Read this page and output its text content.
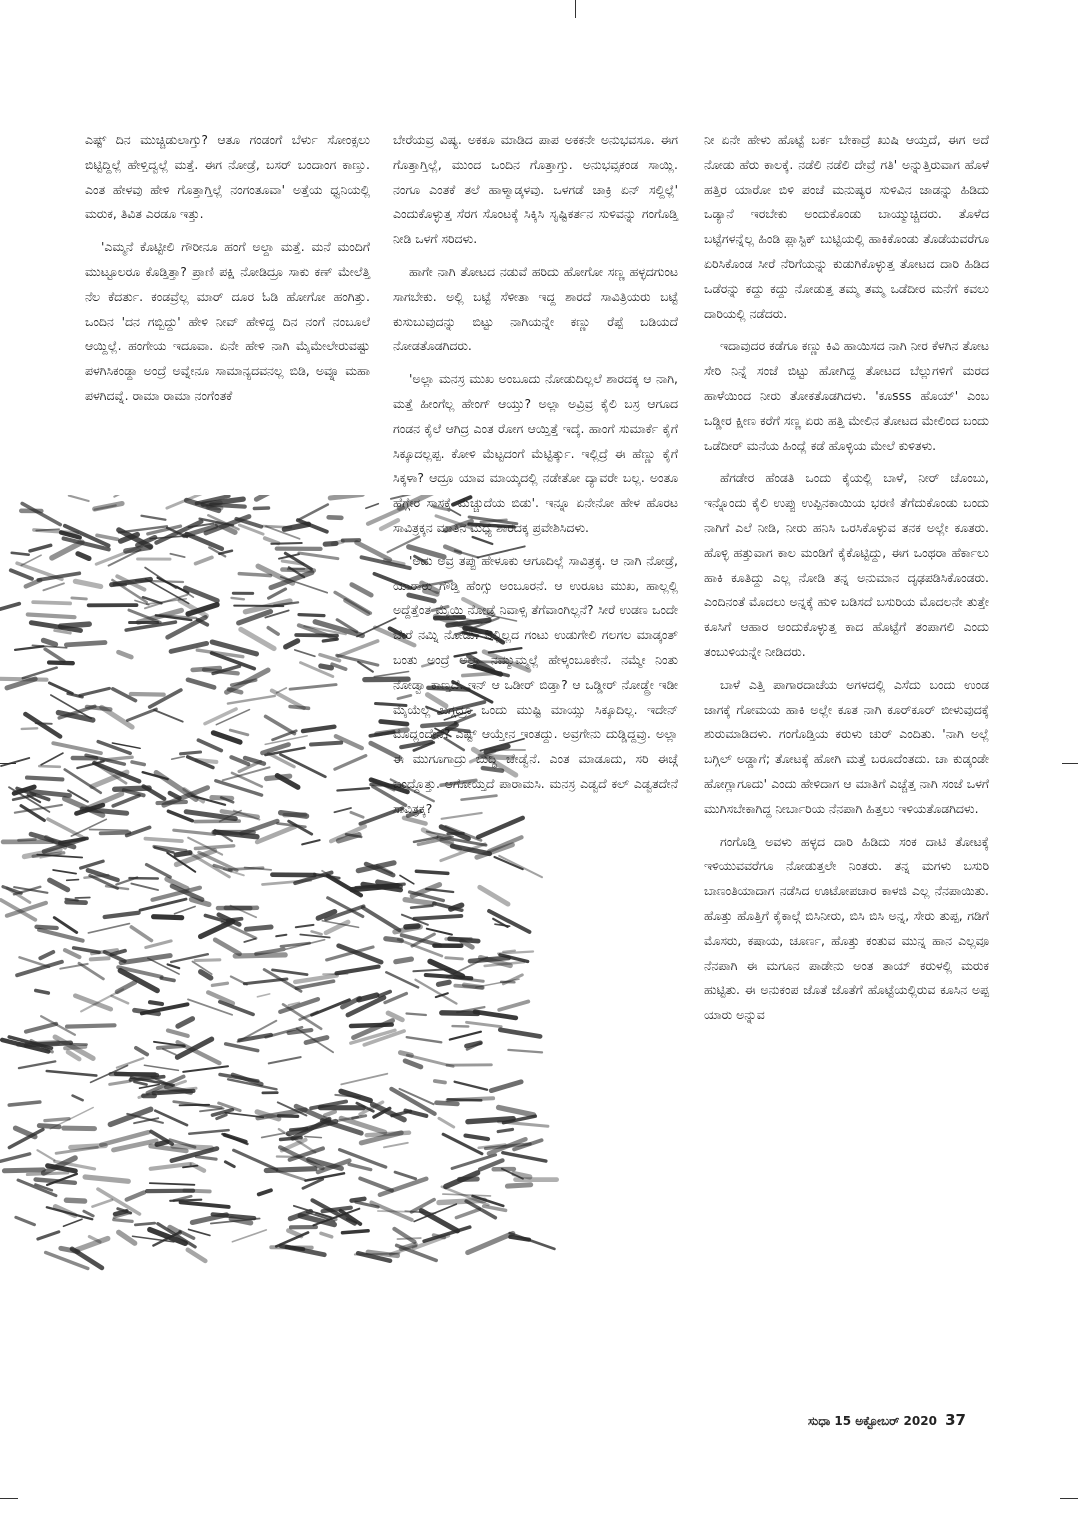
ಎಷ್ಟ್ ದಿನ ಮುಚ್ಚಿಡುಲಾಗ್ತು? ಆತೂ ಗಂಡಂಗೆ ಬೆರ್ಳು ಸೋಂಕ್ಸಲು ಬಿಟ್ಟಿದ್ದಿಲ್ಲೆ ಹೇಳ್ತಿದ್ವಲ್ಲೆ ಮತ್ತೆ. ಈಗ ನೋಡ್ರೆ, ಬಸರ್ ಬಂದಾಂಗ ಕಾಣ್ತು. ಎಂತ ಹೇಳವು ಹೇಳಿ ಗೊತ್ತಾಗ್ತಿಲ್ಲೆ ನಂಗಂತೂವಾ' ಅತ್ತೆಯ ಧ್ವನಿಯಲ್ಲಿ ಮರುಕ, ತಿವಿತ ಎರಡೂ ಇತ್ತು.

'ಎಮ್ಮನೆ ಕೊಟ್ಟೀಲಿ ಗೌರೀನೂ ಹಂಗೆ ಅಲ್ದಾ ಮತ್ತೆ. ಮನೆ ಮಂದಿಗೆ ಮುಟ್ಟೂಲರೂ ಕೊಡ್ತಿತ್ತಾ? ಪ್ರಾಣಿ ಪಕ್ಷಿ ನೋಡಿದ್ರೂ ಸಾಕು ಕಣ್ ಮೇಲೆತ್ತಿ ನೆಲ ಕೆದರ್ತು. ಕಂಡವ್ರೆಲ್ಲ ಮಾರ್ ದೂರ ಓಡಿ ಹೋಗೋ ಹಂಗಿತ್ತು. ಒಂದಿನ 'ದನ ಗಬ್ಬಿದ್ದು' ಹೇಳಿ ನೀವ್ ಹೇಳಿದ್ದ ದಿನ ನಂಗೆ ನಂಬೂಲೆ ಆಯ್ದಿಲ್ಲೆ. ಹಂಗೇಯ ಇದೂವಾ. ಏನೇ ಹೇಳಿ ನಾಗಿ ಮೈಮೇಲೇರುವಷ್ಟು ಪಳಗಿಸಿಕಂಡ್ದಾ ಅಂದ್ರೆ ಅವ್ನೇನೂ ಸಾಮಾನ್ಯದವನಲ್ಲ ಬಿಡಿ, ಅವ್ನೂ ಮಹಾ ಪಳಗಿದವ್ನೆ. ರಾಮಾ ರಾಮಾ ನಂಗೆಂತಕೆ

ಬೇರೆಯವ್ರ ವಿಷ್ಯ. ಅಕಕೂ ಮಾಡಿದ ಪಾಪ ಅಕಕನೇ ಅನುಭವಸೂ. ಈಗ ಗೊತ್ತಾಗ್ತಿಲ್ಲೆ, ಮುಂದ ಒಂದಿನ ಗೊತ್ತಾಗ್ತು. ಅನುಭವ್ಸಕಂಡ ಸಾಯ್ಲಿ. ನಂಗೂ ಎಂತಕೆ ತಲೆ ಹಾಳ್ಮಾಡ್ಕಳವು. ಒಳಗಡೆ ಚಾಕ್ರಿ ಏನ್ ಸಲ್ದಿಲ್ಲೆ' ಎಂದುಕೊಳ್ಳುತ್ತ ಸೆರಗ ಸೊಂಟಕ್ಕೆ ಸಿಕ್ಕಿಸಿ ಸೃಷ್ಟಿಕರ್ತನ ಸುಳಿವನ್ನು ಗಂಗೊಡ್ತಿ ನೀಡಿ ಒಳಗೆ ಸರಿದಳು.

ಹಾಗೇ ನಾಗಿ ತೋಟದ ನಡುವೆ ಹರಿದು ಹೋಗೋ ಸಣ್ಣ ಹಳ್ಳದಗುಂಟ ಸಾಗಬೇಕು. ಅಲ್ಲಿ ಬಟ್ಟೆ ಸೆಳೀತಾ ಇದ್ದ ಶಾರದೆ ಸಾವಿತ್ರಿಯರು ಬಟ್ಟೆ ಕುಸುಬುವುದನ್ನು ಬಿಟ್ಟು ನಾಗಿಯನ್ನೇ ಕಣ್ಣು ರೆಪ್ಪೆ ಬಡಿಯದೆ ನೋಡತೊಡಗಿದರು.

'ಅಲ್ಲಾ ಮನಸ್ರ ಮುಖ ಅಂಬೂದು ನೋಡುದಿಲ್ಲಲೆ ಶಾರದಕ್ಕ ಆ ನಾಗಿ, ಮತ್ತೆ ಹೀಂಗೆಲ್ಲ ಹೇಂಗ್ ಆಯ್ತು? ಅಲ್ಲಾ ಅವ್ರಿವ್ರ ಕೈಲಿ ಬಸ್ರ ಆಗೂದ ಗಂಡನ ಕೈಲೆ ಆಗಿದ್ರ ಎಂತ ರೋಗ ಆಯ್ತಿತ್ತೆ ಇದ್ಕೆ. ಹಾಂಗೆ ಸುಮಾರ್ಕೆ ಕೈಗೆ ಸಿಕ್ಕೂದಲ್ಲಪ್ಪ. ಕೋಳಿ ಮೆಟ್ಟದಂಗೆ ಮೆಟ್ಟಿರ್ತ್ಕು. ಇಲ್ಲಿದ್ರೆ ಈ ಹೆಣ್ಣು ಕೈಗೆ ಸಿಕ್ಕಳಾ? ಆದ್ರೂ ಯಾವ ಮಾಯ್ಕದಲ್ಲಿ ನಡೇತೋ ದ್ಯಾವರೇ ಬಲ್ಲ. ಅಂತೂ ಹೆಗ್ಗೇರ ಸಾಸಕ್ಕೆ ಮೆಚ್ಚುದೆಯ ಬಿಡು'. ಇನ್ನೂ ಏನೇನೋ ಹೇಳ ಹೊರಟ ಸಾವಿತ್ರಕ್ಕನ ಮಾತಿನ ಮಧ್ಯೆ ಶಾರದಕ್ಕ ಪ್ರವೇಶಿಸಿದಳು.

'ಅದು ಅವ್ರ ತಪ್ಪು ಹೇಳೂಕು ಆಗೂದಿಲ್ಲೆ ಸಾವಿತ್ರಕ್ಕ. ಆ ನಾಗಿ ನೋಡ್ರೆ, ಯಾರಾರು ಗೌಡ್ತಿ ಹೆಂಗ್ಸು ಅಂಬೂರನೆ. ಆ ಉರೂಟ ಮುಖ, ಹಾಲ್ಲಲ್ಲಿ ಅದ್ದೆತ್ತೆಂತ ಮೈಯಿ ನೋಡ್ರೆ ನಿವಾಳ್ಸಿ ತೆಗೆವಾಂಗಿಲ್ಲನೆ? ಸೀರೆ ಉಡಣ ಒಂದೇ ಬೇರೆ ನಮ್ನಿ ನೋಡು. ಪಲ್ಲಿಲ್ಲದ ಗಂಟು ಉಡುಗೇಲಿ ಗಲಗಲ ಮಾಡ್ಕಂತ್ ಬಂತು ಅಂದ್ರೆ ಅಲ್ಲಾ ನಮ್ಮುಮ್ಮಲ್ಲೆ ಹೇಳ್ಕಂಬೂಕೇನೆ. ನಮ್ಮೇ ನಿಂತು ನೋಡ್ವಾ ಕಾಣ್ತದೆ. ಇನ್ ಆ ಒಡೀರ್ ಬಿಡ್ತಾ? ಆ ಒಡ್ಡೀರ್ ನೋಡ್ದ್ರೇ ಇಡೀ ಮೈಯೆಲ್ಲ ಬಗ್ಗದ್ರೂ ಒಂದು ಮುಷ್ಟಿ ಮಾಯ್ಸು ಸಿಕ್ಕೂದಿಲ್ಲ. ಇದೇನ್ ಮೊದ್ಲಂದೇನೆ? ಎಷ್ಟ್ ಆಯ್ತೇನ ಇಂತದ್ದು. ಅವ್ರಗೇನು ದುಡ್ಡಿದ್ದವ್ರು. ಅಲ್ಲಾ ಈ ಮುಗೂಗಾದ್ರು ಬುದ್ಧಿ ಬೇಡ್ವೆನೆ. ಎಂತ ಮಾಡೂದು, ಸರಿ ಈಚ್ಗೆ ಬಂದ್ದೊತ್ತು. ಆಗೋಯ್ತದೆ ಪಾರಾಮಸಿ. ಮನಸ್ರ ಎಡ್ವದೆ ಕಲ್ ಎಡ್ವತದೇನೆ ಸಾವಿತ್ರಕ್ಕ?

ನೀ ಏನೇ ಹೇಳು ಹೊಟ್ಟೆ ಬರ್ಕ ಬೇಕಾದ್ರೆ ಖುಷಿ ಆಯ್ತದೆ, ಈಗ ಅದೆ ನೋಡು ಹೆರು ಕಾಲಕ್ಕೆ. ನಡೆಲಿ ನಡೆಲಿ ದೇವ್ರೆ ಗತಿ' ಅನ್ನುತ್ತಿರುವಾಗ ಹೊಳೆ ಹತ್ತಿರ ಯಾರೋ ಬಿಳಿ ಪಂಚೆ ಮನುಷ್ಯರ ಸುಳಿವಿನ ಜಾಡನ್ನು ಹಿಡಿದು ಒಡ್ಯಾನೆ ಇರಬೇಕು ಅಂದುಕೊಂಡು ಬಾಯ್ಮುಚ್ಚಿದರು. ತೊಳೆದ ಬಟ್ಟೆಗಳನ್ನೆಲ್ಲ ಹಿಂಡಿ ಪ್ಲಾಸ್ಟಿಕ್ ಬುಟ್ಟಿಯಲ್ಲಿ ಹಾಕಿಕೊಂಡು ತೊಡೆಯವರೆಗೂ ಏರಿಸಿಕೊಂಡ ಸೀರೆ ನೆರಿಗೆಯನ್ನು ಕುಡುಗಿಕೊಳ್ಳುತ್ತ ತೋಟದ ದಾರಿ ಹಿಡಿದ ಒಡೆರನ್ನು ಕದ್ದು ಕದ್ದು ನೋಡುತ್ತ ತಮ್ಮ ತಮ್ಮ ಒಡೆದೀರ ಮನೆಗೆ ಕವಲು ದಾರಿಯಲ್ಲಿ ನಡೆದರು.

ಇದಾವುದರ ಕಡೆಗೂ ಕಣ್ಣು ಕಿವಿ ಹಾಯಿಸದ ನಾಗಿ ನೀರ ಕೆಳಗಿನ ತೋಟ ಸೇರಿ ನಿನ್ನೆ ಸಂಜೆ ಬಿಟ್ಟು ಹೋಗಿದ್ದ ತೋಟದ ಬೆಲ್ಲುಗಳಿಗೆ ಮರದ ಹಾಳೆಯಿಂದ ನೀರು ತೋಕತೊಡಗಿದಳು. 'ಕೂsss ಹೊಯ್' ಎಂಬ ಒಡ್ಡೀರ ಕ್ಷೀಣ ಕರೆಗೆ ಸಣ್ಣ ಏರು ಹತ್ತಿ ಮೇಲಿನ ತೋಟದ ಮೇಲಿಂದ ಬಂದು ಒಡೆದೀರ್ ಮನೆಯ ಹಿಂದ್ಲೆ ಕಡೆ ಹೊಳ್ಳಿಯ ಮೇಲೆ ಕುಳಿತಳು.

ಹೆಗಡೇರ ಹೆಂಡತಿ ಒಂದು ಕೈಯಲ್ಲಿ ಬಾಳೆ, ನೀರ್ ಚೊಂಬು, ಇನ್ನೊಂದು ಕೈಲಿ ಉಪ್ಪು ಉಪ್ಪಿನಕಾಯಿಯ ಭರಣಿ ತೆಗೆದುಕೊಂಡು ಬಂದು ನಾಗಿಗೆ ಎಲೆ ನೀಡಿ, ನೀರು ಹನಿಸಿ ಒರಸಿಕೊಳ್ಳುವ ತನಕ ಅಲ್ಲೇ ಕೂತರು. ಹೊಳ್ಳಿ ಹತ್ತುವಾಗ ಕಾಲ ಮಂಡಿಗೆ ಕೈಕೊಟ್ಟಿದ್ದು, ಈಗ ಒಂಥರಾ ಹೆರ್ಕಾಲು ಹಾಕಿ ಕೂತಿದ್ದು ಎಲ್ಲ ನೋಡಿ ತನ್ನ ಅನುಮಾನ ದೃಢಪಡಿಸಿಕೊಂಡರು. ಎಂದಿನಂತೆ ಮೊದಲು ಅನ್ನಕ್ಕೆ ಹುಳಿ ಬಡಿಸದೆ ಬಸುರಿಯ ಮೊದಲನೇ ತುತ್ತೇ ಕೂಸಿಗೆ ಆಹಾರ ಅಂದುಕೊಳ್ಳುತ್ತ ಕಾದ ಹೊಟ್ಟೆಗೆ ತಂಪಾಗಲಿ ಎಂದು ತಂಬುಳಿಯನ್ನೇ ನೀಡಿದರು.

ಬಾಳೆ ಎತ್ತಿ ಪಾಗಾರದಾಚೆಯ ಅಗಳದಲ್ಲಿ ಎಸೆದು ಬಂದು ಉಂಡ ಜಾಗಕ್ಕೆ ಗೋಮಯ ಹಾಕಿ ಅಲ್ಲೇ ಕೂತ ನಾಗಿ ಕೂರ್‌ಕೂರ್ ಬೀಳುವುದಕ್ಕೆ ಶುರುಮಾಡಿದಳು. ಗಂಗೊಡ್ತಿಯ ಕರುಳು ಚುರ್ ಎಂದಿತು. 'ನಾಗಿ ಅಲ್ಲೆ ಬಗ್ಗಿಲ್ ಅಡ್ಡಾಗೆ; ತೋಟಕ್ಕೆ ಹೋಗಿ ಮತ್ತೆ ಬರೂದೆಂತದು. ಚಾ ಕುಡ್ಕಂಡೇ ಹೋಗ್ಲಾಗೂದು' ಎಂದು ಹೇಳಿದಾಗ ಆ ಮಾತಿಗೆ ಎಚ್ಚೆತ್ತ ನಾಗಿ ಸಂಜೆ ಒಳಗೆ ಮುಗಿಸಬೇಕಾಗಿದ್ದ ನೀರ್ಬಾರಿಯ ನೆನಪಾಗಿ ಹಿತ್ತಲು ಇಳಿಯತೊಡಗಿದಳು.

ಗಂಗೊಡ್ತಿ ಅವಳು ಹಳ್ಳದ ದಾರಿ ಹಿಡಿದು ಸಂಕ ದಾಟಿ ತೋಟಕ್ಕೆ ಇಳಿಯುವವರೆಗೂ ನೋಡುತ್ತಲೇ ನಿಂತರು. ತನ್ನ ಮಗಳು ಬಸುರಿ ಬಾಣಂತಿಯಾದಾಗ ನಡೆಸಿದ ಊಟೋಪಚಾರ ಕಾಳಜಿ ಎಲ್ಲ ನೆನಪಾಯಿತು. ಹೊತ್ತು ಹೊತ್ತಿಗೆ ಕೈಕಾಲ್ಗೆ ಬಿಸಿನೀರು, ಬಿಸಿ ಬಿಸಿ ಅನ್ನ, ಸೇರು ತುಪ್ಪ, ಗಡಿಗೆ ಮೊಸರು, ಕಷಾಯ, ಚೂರ್ಣ, ಹೊತ್ತು ಕಂತುವ ಮುನ್ನ ಹಾನ ಎಲ್ಲವೂ ನೆನಪಾಗಿ ಈ ಮಗೂನ ಪಾಡೇನು ಅಂತ ತಾಯ್ ಕರುಳಲ್ಲಿ ಮರುಕ ಹುಟ್ಟಿತು. ಈ ಅನುಕಂಪ ಜೊತೆ ಜೊತೆಗೆ ಹೊಟ್ಟೆಯಲ್ಲಿರುವ ಕೂಸಿನ ಅಪ್ಪ ಯಾರು ಅನ್ನುವ

ಸುಧಾ 15 ಅಕ್ಟೋಬರ್ 2020 37
